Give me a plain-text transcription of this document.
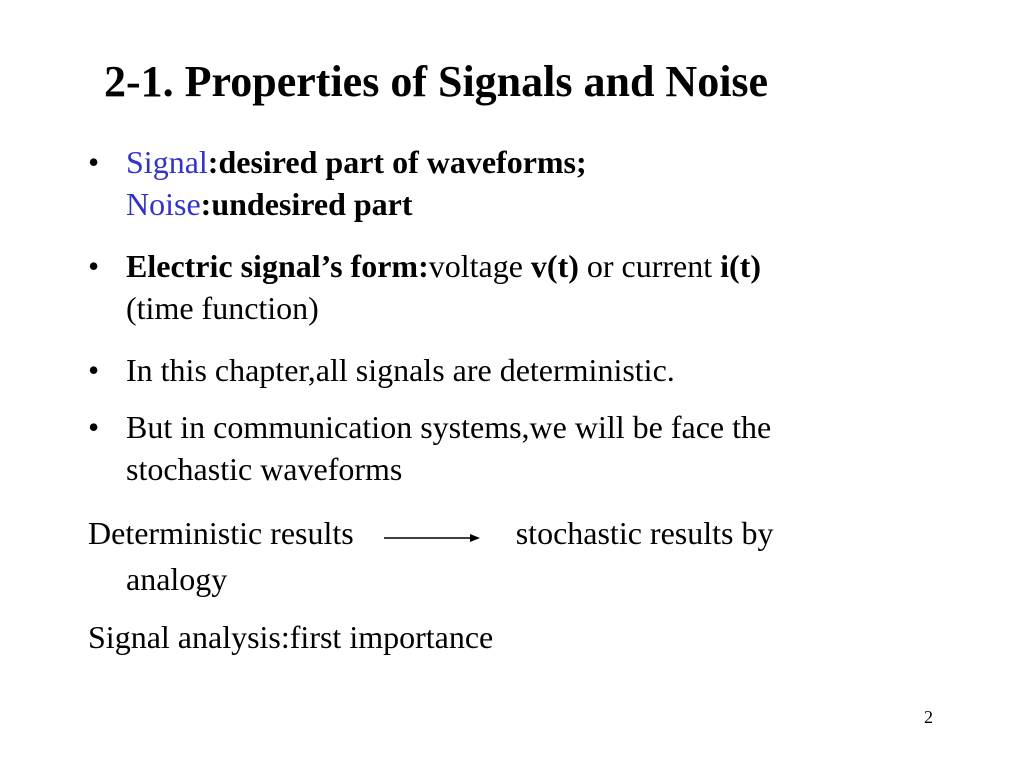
2-1. Properties of Signals and Noise
• Signal:desired part of waveforms;
Noise:undesired part
• Electric signal’s form:voltage v(t) or current i(t)
(time function)
• In this chapter,all signals are deterministic.
• But in communication systems,we will be face the
stochastic waveforms
Deterministic results	stochastic results by
analogy
Signal analysis:first importance
2
